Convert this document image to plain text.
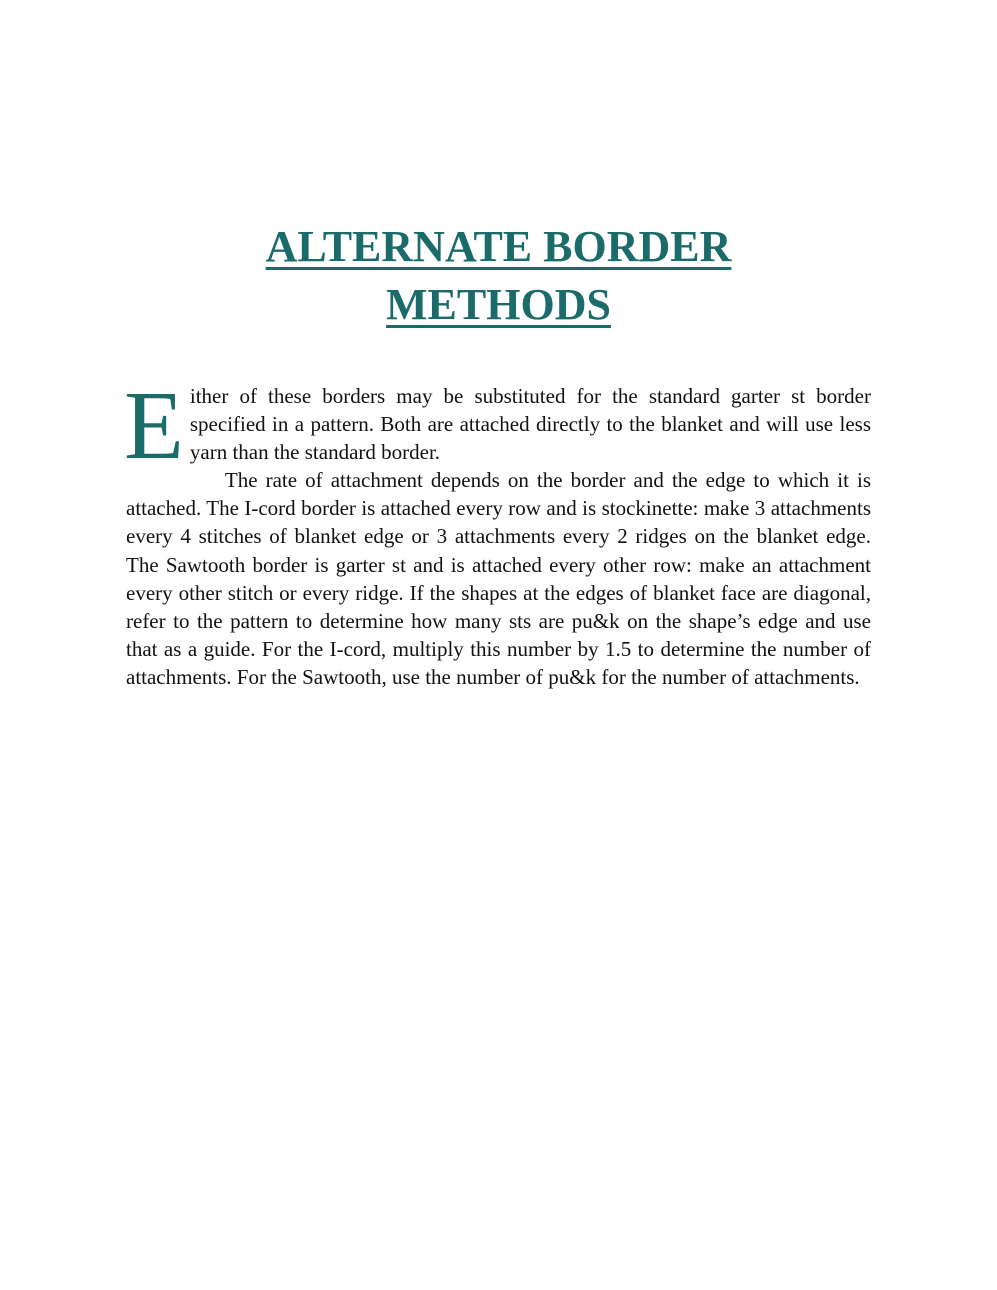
ALTERNATE BORDER
METHODS

Either of these borders may be substituted for the standard garter st border specified in a pattern. Both are attached directly to the blanket and will use less yarn than the standard border.

The rate of attachment depends on the border and the edge to which it is attached. The I-cord border is attached every row and is stockinette: make 3 attachments every 4 stitches of blanket edge or 3 attachments every 2 ridges on the blanket edge. The Sawtooth border is garter st and is attached every other row: make an attachment every other stitch or every ridge. If the shapes at the edges of blanket face are diagonal, refer to the pattern to determine how many sts are pu&k on the shape’s edge and use that as a guide. For the I-cord, multiply this number by 1.5 to determine the number of attachments. For the Sawtooth, use the number of pu&k for the number of attachments.
